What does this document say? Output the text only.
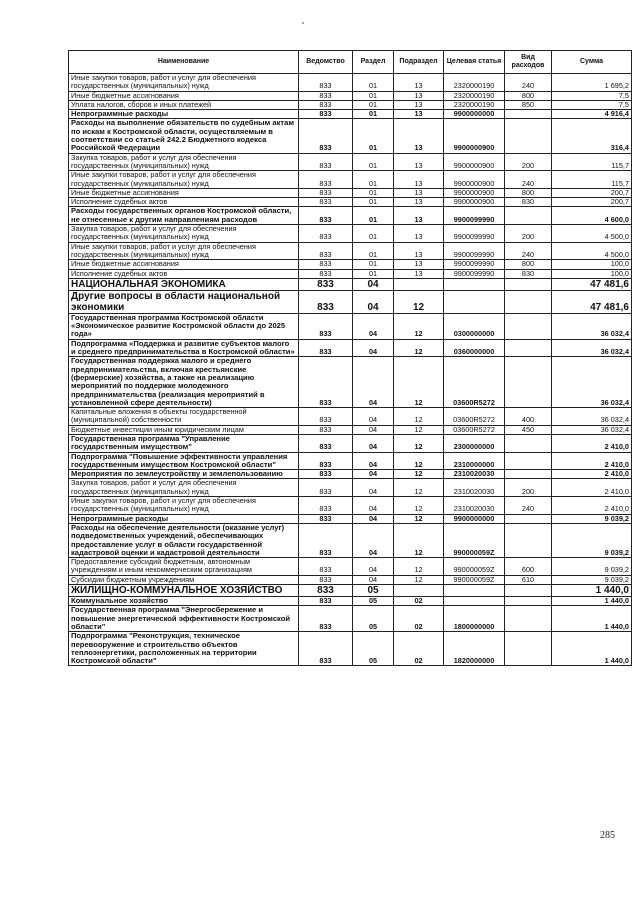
Наименование	Ведомство	Раздел	Подраздел	Целевая статья	Вид расходов	Сумма
Иные закупки товаров, работ и услуг для обеспечения государственных (муниципальных) нужд	833	01	13	2320000190	240	1 695,2
Иные бюджетные ассигнования	833	01	13	2320000190	800	7,5
Уплата налогов, сборов и иных платежей	833	01	13	2320000190	850	7,5
Непрограммные расходы	833	01	13	9900000000		4 916,4
Расходы на выполнение обязательств по судебным актам по искам к Костромской области, осуществляемым в соответствии со статьей 242.2 Бюджетного кодекса Российской Федерации	833	01	13	9900000900		316,4
Закупка товаров, работ и услуг для обеспечения государственных (муниципальных) нужд	833	01	13	9900000900	200	115,7
Иные закупки товаров, работ и услуг для обеспечения государственных (муниципальных) нужд	833	01	13	9900000900	240	115,7
Иные бюджетные ассигнования	833	01	13	9900000900	800	200,7
Исполнение судебных актов	833	01	13	9900000900	830	200,7
Расходы государственных органов Костромской области, не отнесенные к другим направлениям расходов	833	01	13	9900099990		4 600,0
Закупка товаров, работ и услуг для обеспечения государственных (муниципальных) нужд	833	01	13	9900099990	200	4 500,0
Иные закупки товаров, работ и услуг для обеспечения государственных (муниципальных) нужд	833	01	13	9900099990	240	4 500,0
Иные бюджетные ассигнования	833	01	13	9900099990	800	100,0
Исполнение судебных актов	833	01	13	9900099990	830	100,0
НАЦИОНАЛЬНАЯ ЭКОНОМИКА	833	04				47 481,6
Другие вопросы в области национальной экономики	833	04	12			47 481,6
Государственная программа Костромской области «Экономическое развитие Костромской области до 2025 года»	833	04	12	0300000000		36 032,4
Подпрограмма «Поддержка и развитие субъектов малого и среднего предпринимательства в Костромской области»	833	04	12	0360000000		36 032,4
Государственная поддержка малого и среднего предпринимательства, включая крестьянские (фермерские) хозяйства, а также на реализацию мероприятий по поддержке молодежного предпринимательства (реализация мероприятий в установленной сфере деятельности)	833	04	12	03600R5272		36 032,4
Капитальные вложения в объекты государственной (муниципальной) собственности	833	04	12	03600R5272	400	36 032,4
Бюджетные инвестиции иным юридическим лицам	833	04	12	03600R5272	450	36 032,4
Государственная программа "Управление государственным имуществом"	833	04	12	2300000000		2 410,0
Подпрограмма "Повышение эффективности управления государственным имуществом Костромской области"	833	04	12	2310000000		2 410,0
Мероприятия по землеустройству и землепользованию	833	04	12	2310020030		2 410,0
Закупка товаров, работ и услуг для обеспечения государственных (муниципальных) нужд	833	04	12	2310020030	200	2 410,0
Иные закупки товаров, работ и услуг для обеспечения государственных (муниципальных) нужд	833	04	12	2310020030	240	2 410,0
Непрограммные расходы	833	04	12	9900000000		9 039,2
Расходы на обеспечение деятельности (оказание услуг) подведомственных учреждений, обеспечивающих предоставление услуг в области государственной кадастровой оценки и кадастровой деятельности	833	04	12	990000059Z		9 039,2
Предоставление субсидий бюджетным, автономным учреждениям и иным некоммерческим организациям	833	04	12	990000059Z	600	9 039,2
Субсидии бюджетным учреждениям	833	04	12	990000059Z	610	9 039,2
ЖИЛИЩНО-КОММУНАЛЬНОЕ ХОЗЯЙСТВО	833	05				1 440,0
Коммунальное хозяйство	833	05	02			1 440,0
Государственная программа "Энергосбережение и повышение энергетической эффективности Костромской области"	833	05	02	1800000000		1 440,0
Подпрограмма "Реконструкция, техническое перевооружение и строительство объектов теплоэнергетики, расположенных на территории Костромской области"	833	05	02	1820000000		1 440,0
285
